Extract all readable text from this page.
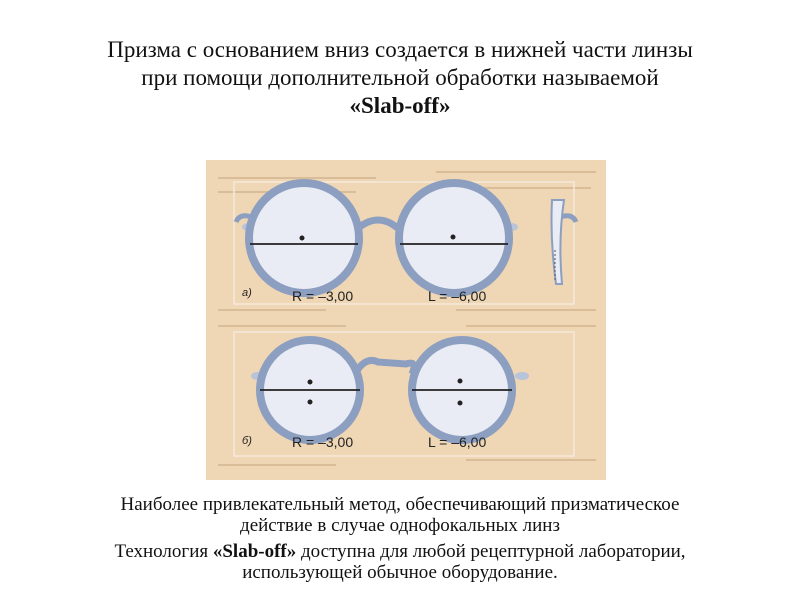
Призма с основанием вниз создается в нижней части линзы
при помощи дополнительной обработки называемой
«Slab-off»
а)	R = –3,00	L = –6,00
б)	R = –3,00	L = –6,00

Наиболее привлекательный метод, обеспечивающий призматическое
действие в случае однофокальных линз

Технология «Slab-off» доступна для любой рецептурной лаборатории,
использующей обычное оборудование.
